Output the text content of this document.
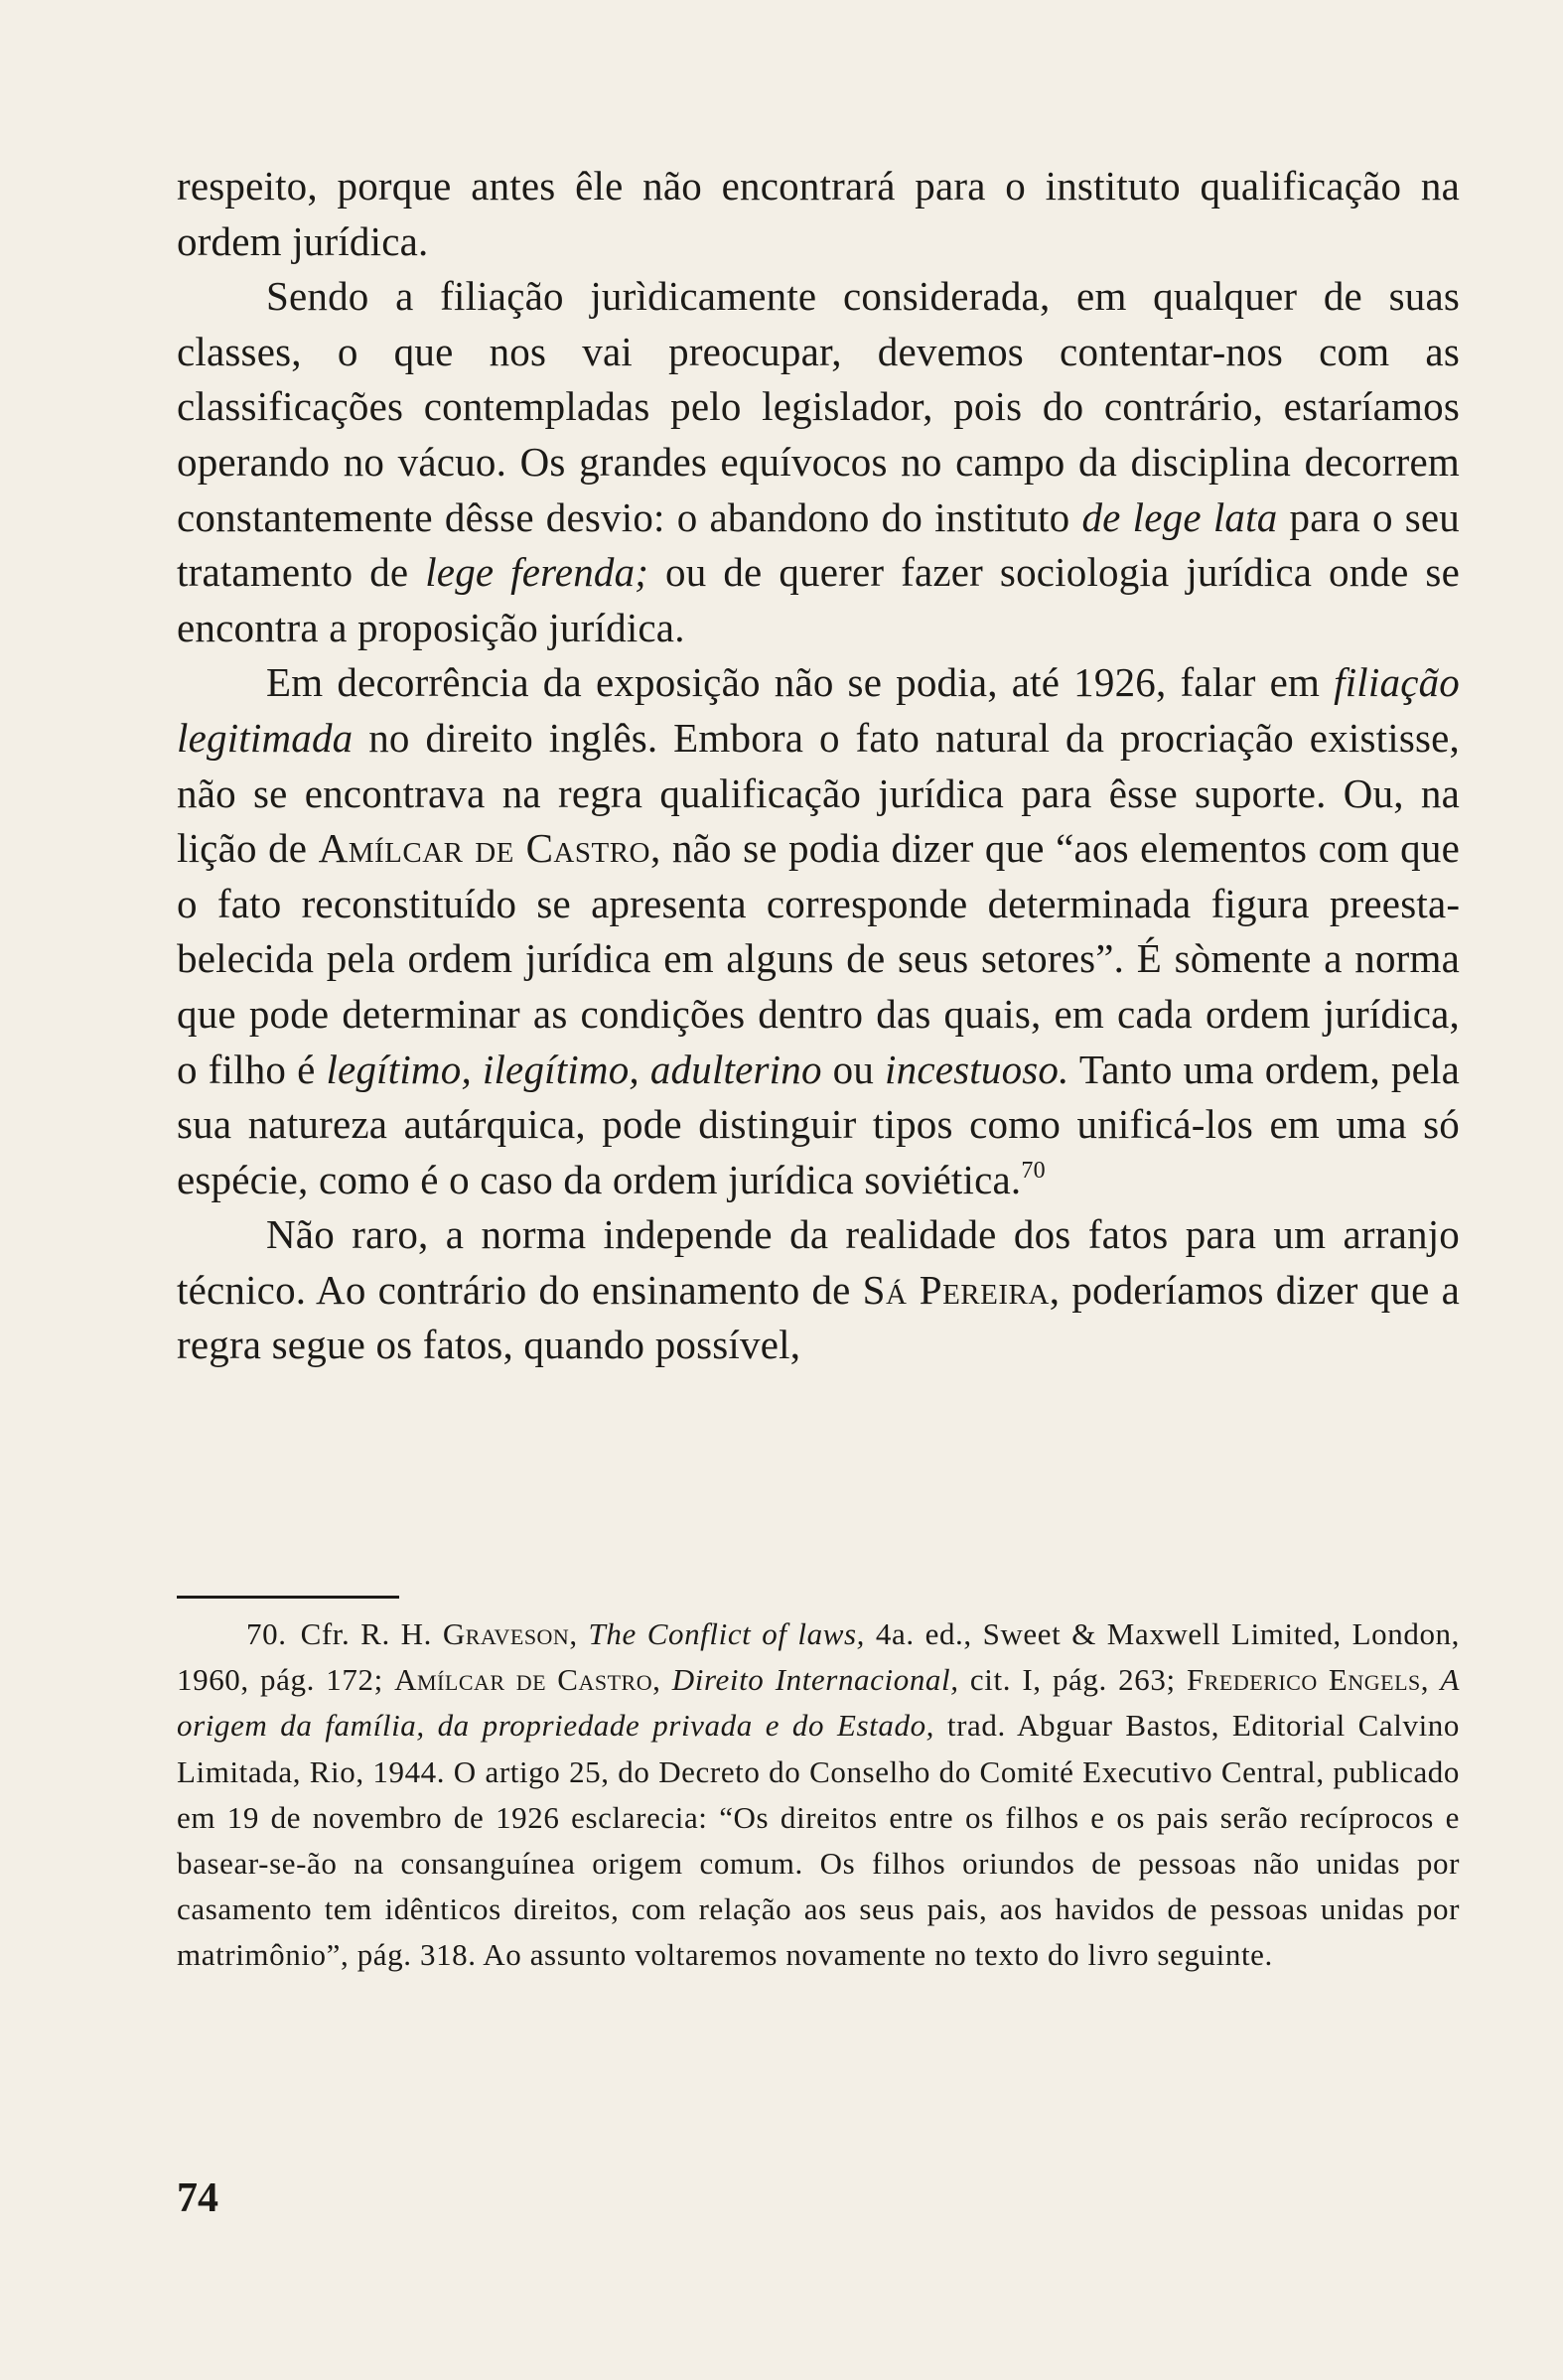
respeito, porque antes êle não encontrará para o instituto qualificação na ordem jurídica.

Sendo a filiação jurìdicamente considerada, em qualquer de suas classes, o que nos vai preocupar, devemos contentar-nos com as classificações contempladas pelo legislador, pois do contrário, estaríamos operando no vácuo. Os grandes equívocos no campo da disciplina decorrem constantemente dêsse desvio: o abandono do instituto de lege lata para o seu tratamento de lege ferenda; ou de querer fazer sociologia jurídica onde se encontra a proposição jurídica.

Em decorrência da exposição não se podia, até 1926, falar em filiação legitimada no direito inglês. Embora o fato natural da procriação existisse, não se encontrava na regra qualificação jurídica para êsse suporte. Ou, na lição de Amílcar de Castro, não se podia dizer que “aos elementos com que o fato reconstituído se apresenta corresponde determinada figura preestabelecida pela ordem jurídica em alguns de seus setores”. É sòmente a norma que pode determinar as condições dentro das quais, em cada ordem jurídica, o filho é legítimo, ilegítimo, adulterino ou incestuoso. Tanto uma ordem, pela sua natureza autárquica, pode distinguir tipos como unificá-los em uma só espécie, como é o caso da ordem jurídica soviética.$^{70}$

Não raro, a norma independe da realidade dos fatos para um arranjo técnico. Ao contrário do ensinamento de Sá Pereira, poderíamos dizer que a regra segue os fatos, quando possível,

70. Cfr. R. H. Graveson, The Conflict of laws, 4a. ed., Sweet & Maxwell Limited, London, 1960, pág. 172; Amílcar de Castro, Direito Internacional, cit. I, pág. 263; Frederico Engels, A origem da família, da propriedade privada e do Estado, trad. Abguar Bastos, Editorial Calvino Limitada, Rio, 1944. O artigo 25, do Decreto do Conselho do Comité Executivo Central, publicado em 19 de novembro de 1926 esclarecia: “Os direitos entre os filhos e os pais serão recíprocos e basear-se-ão na consanguínea origem comum. Os filhos oriundos de pessoas não unidas por casamento tem idênticos direitos, com relação aos seus pais, aos havidos de pessoas unidas por matrimônio”, pág. 318. Ao assunto voltaremos novamente no texto do livro seguinte.

74
